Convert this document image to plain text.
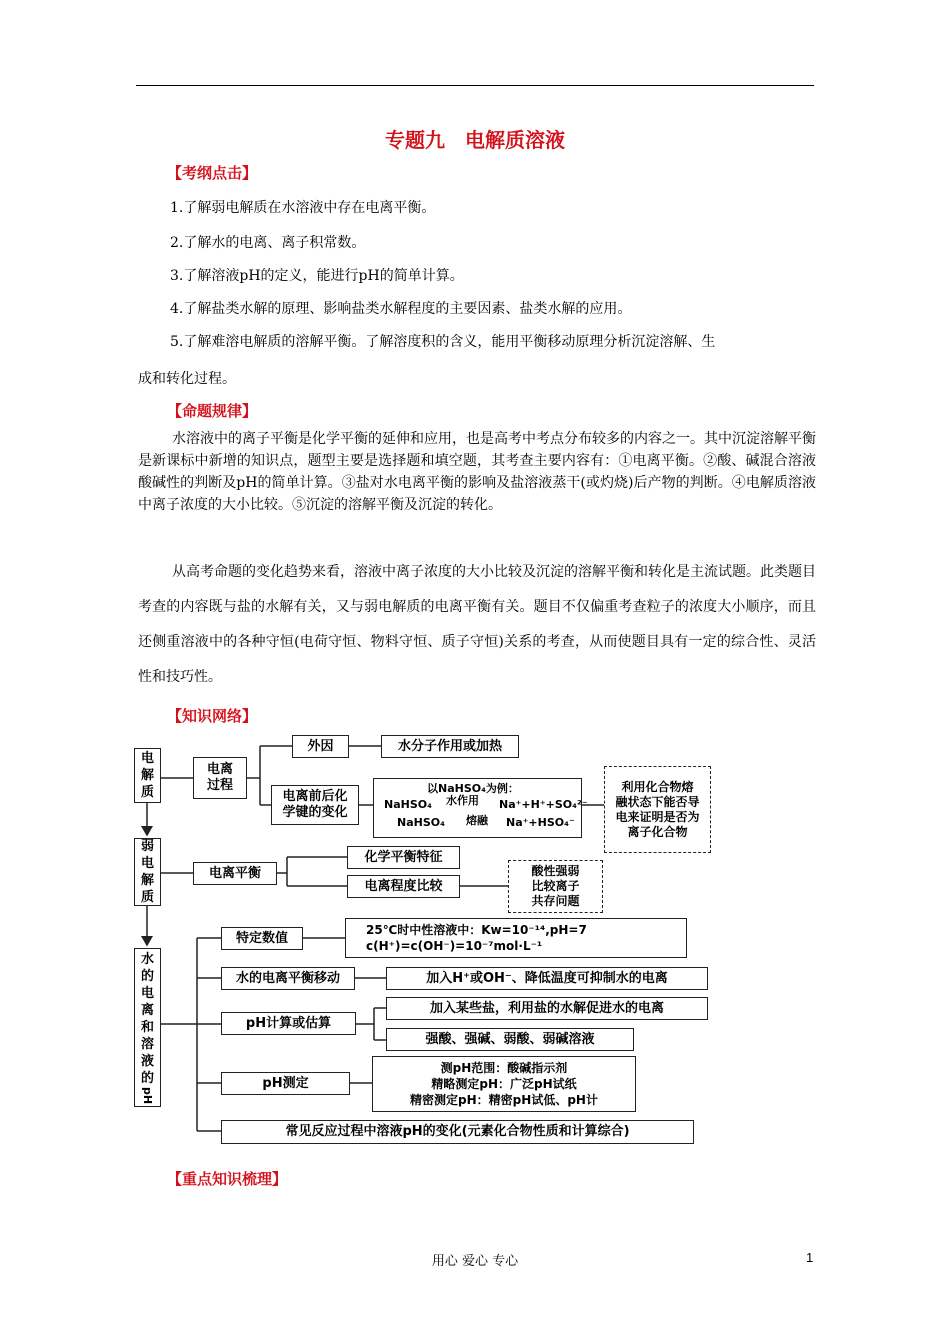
专题九　电解质溶液
【考纲点击】
1.了解弱电解质在水溶液中存在电离平衡。
2.了解水的电离、离子积常数。
3.了解溶液pH的定义，能进行pH的简单计算。
4.了解盐类水解的原理、影响盐类水解程度的主要因素、盐类水解的应用。
5.了解难溶电解质的溶解平衡。了解溶度积的含义，能用平衡移动原理分析沉淀溶解、生
成和转化过程。
【命题规律】
水溶液中的离子平衡是化学平衡的延伸和应用，也是高考中考点分布较多的内容之一。其中沉淀溶解平衡是新课标中新增的知识点，题型主要是选择题和填空题，其考查主要内容有：①电离平衡。②酸、碱混合溶液酸碱性的判断及pH的简单计算。③盐对水电离平衡的影响及盐溶液蒸干(或灼烧)后产物的判断。④电解质溶液中离子浓度的大小比较。⑤沉淀的溶解平衡及沉淀的转化。
从高考命题的变化趋势来看，溶液中离子浓度的大小比较及沉淀的溶解平衡和转化是主流试题。此类题目考查的内容既与盐的水解有关，又与弱电解质的电离平衡有关。题目不仅偏重考查粒子的浓度大小顺序，而且还侧重溶液中的各种守恒(电荷守恒、物料守恒、质子守恒)关系的考查，从而使题目具有一定的综合性、灵活性和技巧性。
【知识网络】
电
解
质
电离
过程
外因	水分子作用或加热
电离前后化
学键的变化
以NaHSO₄为例：
NaHSO₄ 水作用 Na⁺+H⁺+SO₄²⁻
NaHSO₄ 熔融 Na⁺+HSO₄⁻
利用化合物熔
融状态下能否导
电来证明是否为
离子化合物
弱
电
解
质
电离平衡
化学平衡特征
电离程度比较
酸性强弱
比较离子
共存问题
水
的
电
离
和
溶
液
的
pH
特定数值
25℃时中性溶液中：Kw=10⁻¹⁴,pH=7
c(H⁺)=c(OH⁻)=10⁻⁷mol·L⁻¹
水的电离平衡移动	加入H⁺或OH⁻、降低温度可抑制水的电离
pH计算或估算
加入某些盐，利用盐的水解促进水的电离
强酸、强碱、弱酸、弱碱溶液
pH测定
测pH范围：酸碱指示剂
精略测定pH：广泛pH试纸
精密测定pH：精密pH试低、pH计
常见反应过程中溶液pH的变化(元素化合物性质和计算综合)
【重点知识梳理】
用心 爱心 专心	1
